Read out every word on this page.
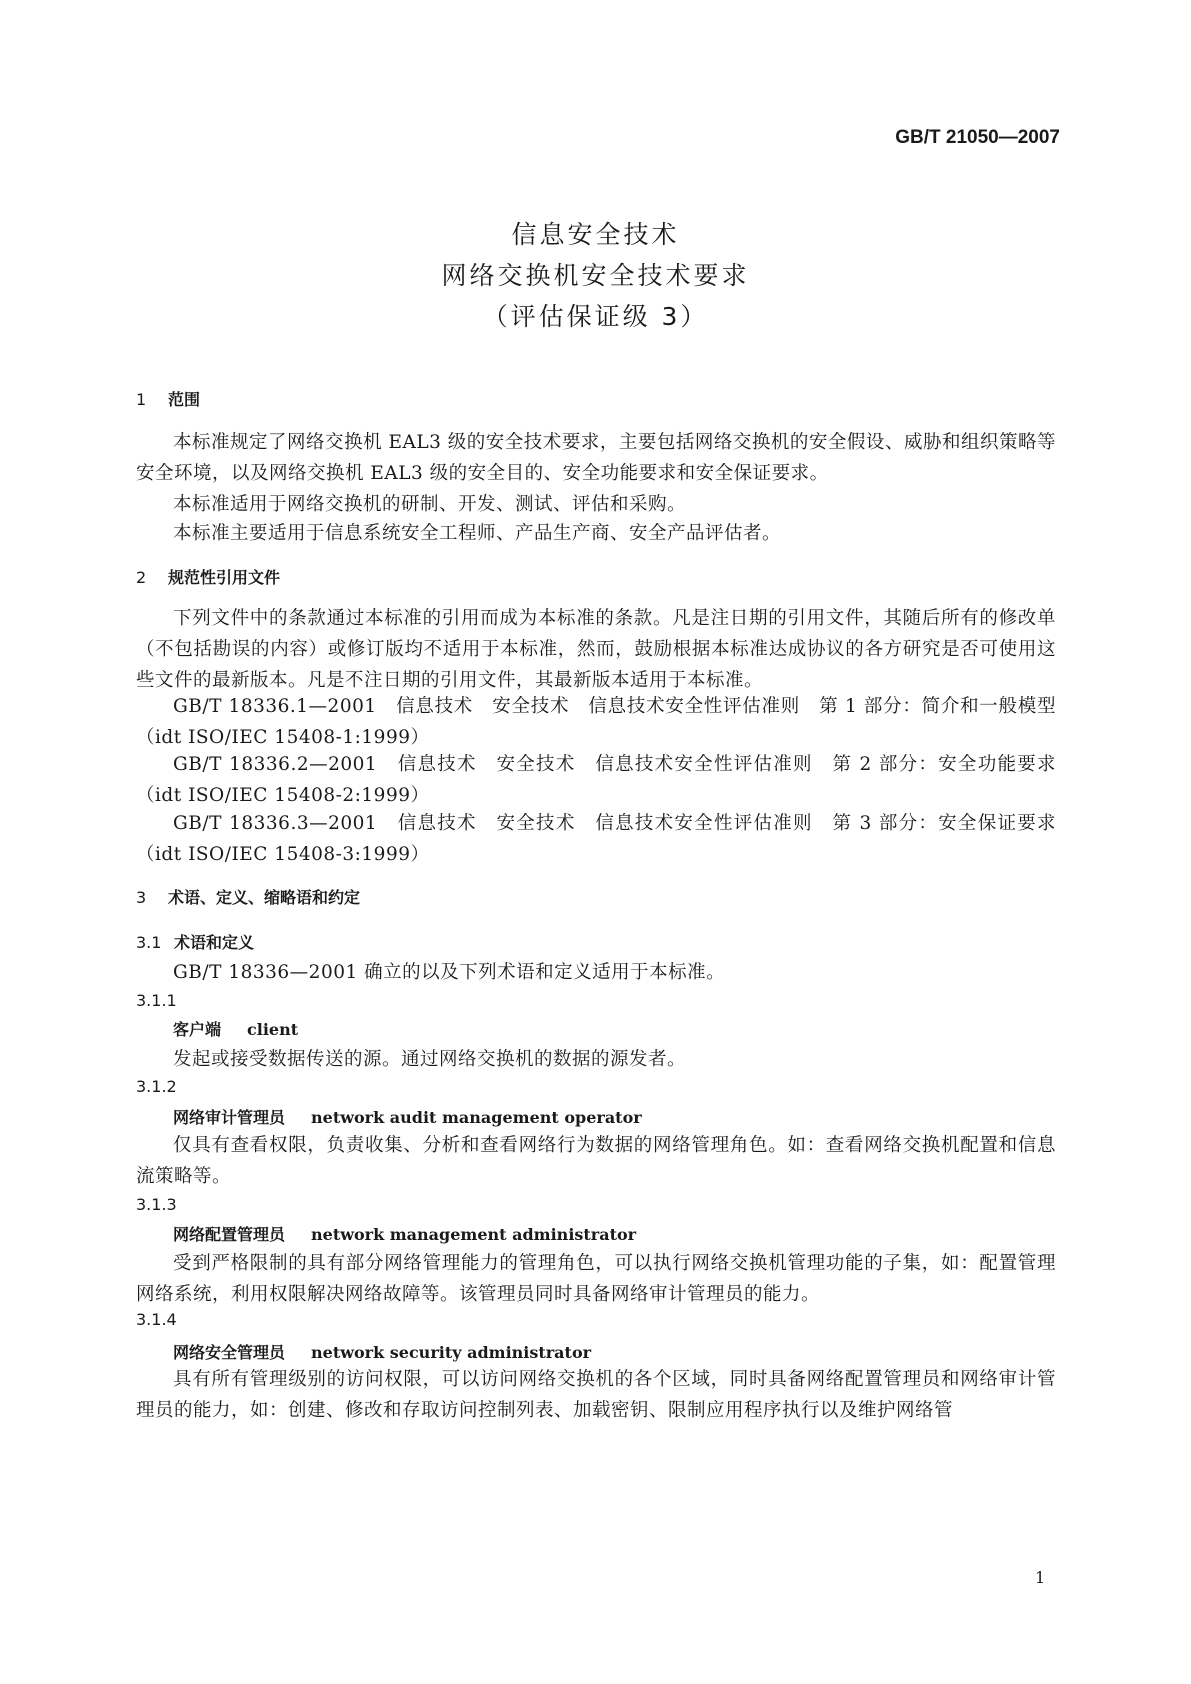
GB/T 21050—2007
信息安全技术
网络交换机安全技术要求
（评估保证级 3）
1 范围
本标准规定了网络交换机 EAL3 级的安全技术要求，主要包括网络交换机的安全假设、威胁和组织策略等安全环境，以及网络交换机 EAL3 级的安全目的、安全功能要求和安全保证要求。
本标准适用于网络交换机的研制、开发、测试、评估和采购。
本标准主要适用于信息系统安全工程师、产品生产商、安全产品评估者。
2 规范性引用文件
下列文件中的条款通过本标准的引用而成为本标准的条款。凡是注日期的引用文件，其随后所有的修改单（不包括勘误的内容）或修订版均不适用于本标准，然而，鼓励根据本标准达成协议的各方研究是否可使用这些文件的最新版本。凡是不注日期的引用文件，其最新版本适用于本标准。
GB/T 18336.1—2001　信息技术　安全技术　信息技术安全性评估准则　第 1 部分：简介和一般模型（idt ISO/IEC 15408-1:1999）
GB/T 18336.2—2001　信息技术　安全技术　信息技术安全性评估准则　第 2 部分：安全功能要求（idt ISO/IEC 15408-2:1999）
GB/T 18336.3—2001　信息技术　安全技术　信息技术安全性评估准则　第 3 部分：安全保证要求（idt ISO/IEC 15408-3:1999）
3 术语、定义、缩略语和约定
3.1 术语和定义
GB/T 18336—2001 确立的以及下列术语和定义适用于本标准。
3.1.1
客户端 client
发起或接受数据传送的源。通过网络交换机的数据的源发者。
3.1.2
网络审计管理员 network audit management operator
仅具有查看权限，负责收集、分析和查看网络行为数据的网络管理角色。如：查看网络交换机配置和信息流策略等。
3.1.3
网络配置管理员 network management administrator
受到严格限制的具有部分网络管理能力的管理角色，可以执行网络交换机管理功能的子集，如：配置管理网络系统，利用权限解决网络故障等。该管理员同时具备网络审计管理员的能力。
3.1.4
网络安全管理员 network security administrator
具有所有管理级别的访问权限，可以访问网络交换机的各个区域，同时具备网络配置管理员和网络审计管理员的能力，如：创建、修改和存取访问控制列表、加载密钥、限制应用程序执行以及维护网络管
1
